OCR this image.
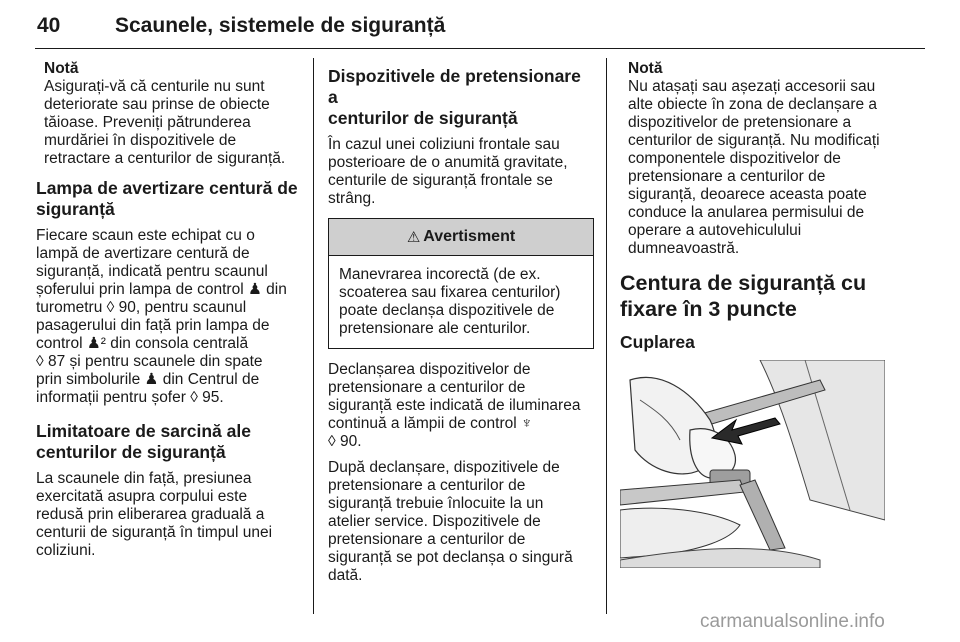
40	Scaunele, sistemele de siguranță

Notă

Asigurați-vă că centurile nu sunt

deteriorate sau prinse de obiecte

tăioase. Preveniți pătrunderea

murdăriei în dispozitivele de

retractare a centurilor de siguranță.

Lampa de avertizare centură de
siguranță

Fiecare scaun este echipat cu o

lampă de avertizare centură de

siguranță, indicată pentru scaunul

șoferului prin lampa de control ♟ din

turometru ◊ 90, pentru scaunul

pasagerului din față prin lampa de

control ♟² din consola centrală

◊ 87 și pentru scaunele din spate

prin simbolurile ♟ din Centrul de

informații pentru șofer ◊ 95.

Limitatoare de sarcină ale
centurilor de siguranță

La scaunele din față, presiunea

exercitată asupra corpului este

redusă prin eliberarea graduală a

centurii de siguranță în timpul unei

coliziuni.

Dispozitivele de pretensionare a
centurilor de siguranță

În cazul unei coliziuni frontale sau

posterioare de o anumită gravitate,

centurile de siguranță frontale se

strâng.

⚠ Avertisment

Manevrarea incorectă (de ex.

scoaterea sau fixarea centurilor)

poate declanșa dispozitivele de

pretensionare ale centurilor.

Declanșarea dispozitivelor de

pretensionare a centurilor de

siguranță este indicată de iluminarea

continuă a lămpii de control ♆

◊ 90.

După declanșare, dispozitivele de

pretensionare a centurilor de

siguranță trebuie înlocuite la un

atelier service. Dispozitivele de

pretensionare a centurilor de

siguranță se pot declanșa o singură

dată.

Notă

Nu atașați sau așezați accesorii sau

alte obiecte în zona de declanșare a

dispozitivelor de pretensionare a

centurilor de siguranță. Nu modificați

componentele dispozitivelor de

pretensionare a centurilor de

siguranță, deoarece aceasta poate

conduce la anularea permisului de

operare a autovehiculului

dumneavoastră.

Centura de siguranță cu
fixare în 3 puncte
Cuplarea
carmanualsonline.info
